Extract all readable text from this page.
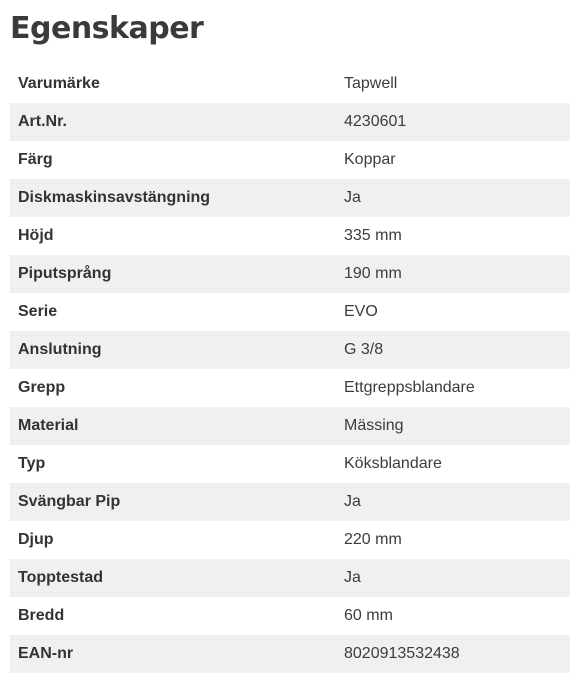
Egenskaper
Varumärke	Tapwell
Art.Nr.	4230601
Färg	Koppar
Diskmaskinsavstängning	Ja
Höjd	335 mm
Piputsprång	190 mm
Serie	EVO
Anslutning	G 3/8
Grepp	Ettgreppsblandare
Material	Mässing
Typ	Köksblandare
Svängbar Pip	Ja
Djup	220 mm
Topptestad	Ja
Bredd	60 mm
EAN-nr	8020913532438
